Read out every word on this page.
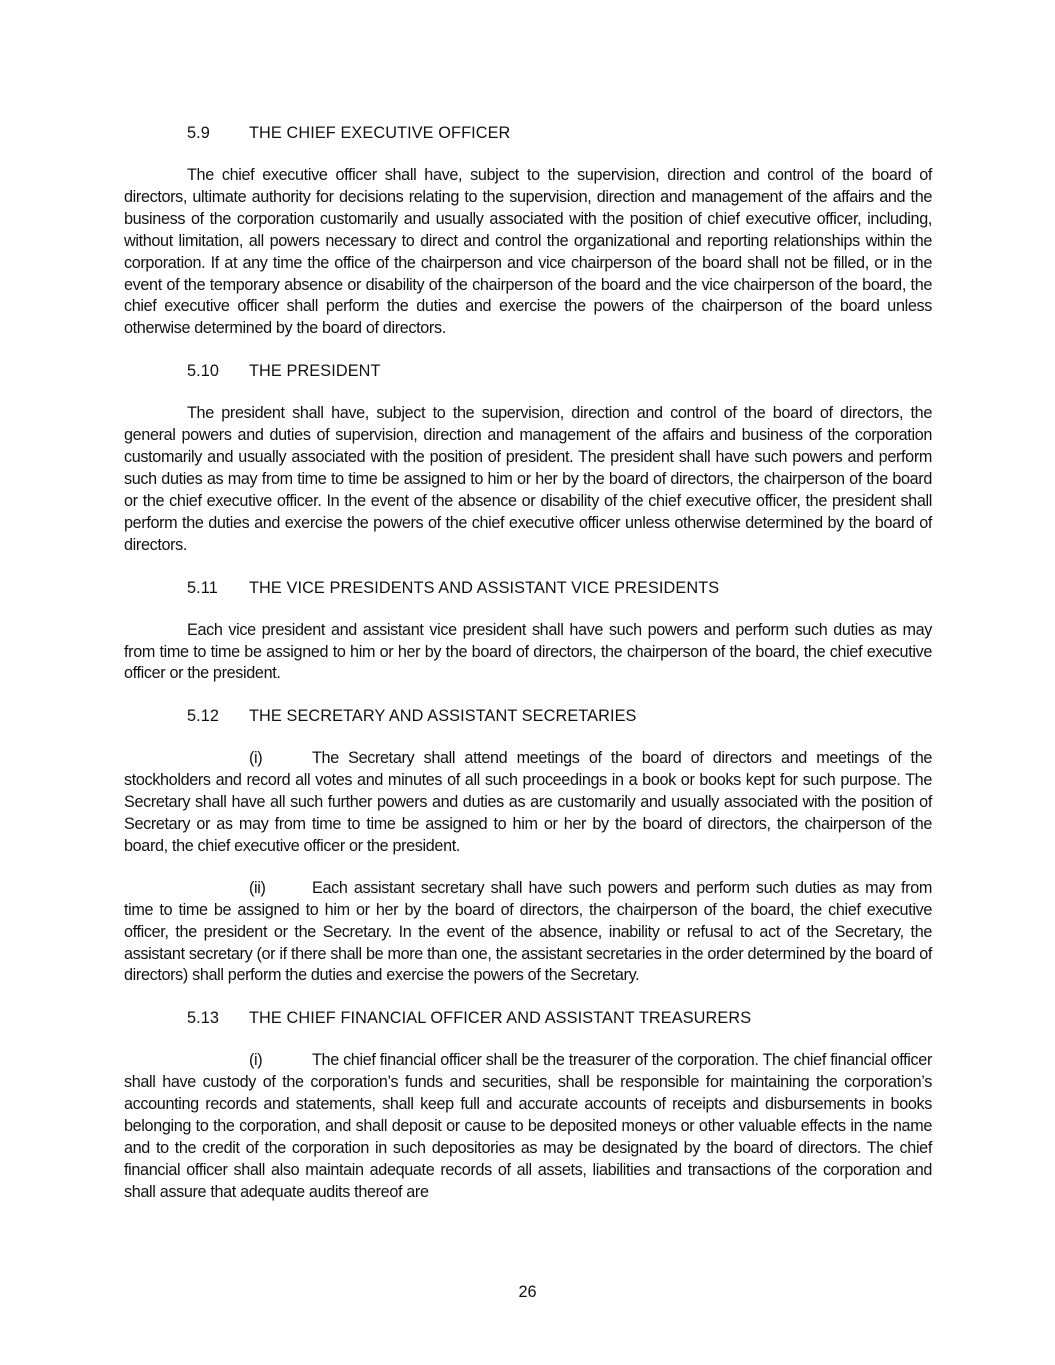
5.9 THE CHIEF EXECUTIVE OFFICER

The chief executive officer shall have, subject to the supervision, direction and control of the board of directors, ultimate authority for decisions relating to the supervision, direction and management of the affairs and the business of the corporation customarily and usually associated with the position of chief executive officer, including, without limitation, all powers necessary to direct and control the organizational and reporting relationships within the corporation. If at any time the office of the chairperson and vice chairperson of the board shall not be filled, or in the event of the temporary absence or disability of the chairperson of the board and the vice chairperson of the board, the chief executive officer shall perform the duties and exercise the powers of the chairperson of the board unless otherwise determined by the board of directors.

5.10 THE PRESIDENT

The president shall have, subject to the supervision, direction and control of the board of directors, the general powers and duties of supervision, direction and management of the affairs and business of the corporation customarily and usually associated with the position of president. The president shall have such powers and perform such duties as may from time to time be assigned to him or her by the board of directors, the chairperson of the board or the chief executive officer. In the event of the absence or disability of the chief executive officer, the president shall perform the duties and exercise the powers of the chief executive officer unless otherwise determined by the board of directors.

5.11 THE VICE PRESIDENTS AND ASSISTANT VICE PRESIDENTS

Each vice president and assistant vice president shall have such powers and perform such duties as may from time to time be assigned to him or her by the board of directors, the chairperson of the board, the chief executive officer or the president.

5.12 THE SECRETARY AND ASSISTANT SECRETARIES

(i)	The Secretary shall attend meetings of the board of directors and meetings of the stockholders and record all votes and minutes of all such proceedings in a book or books kept for such purpose. The Secretary shall have all such further powers and duties as are customarily and usually associated with the position of Secretary or as may from time to time be assigned to him or her by the board of directors, the chairperson of the board, the chief executive officer or the president.

(ii)	Each assistant secretary shall have such powers and perform such duties as may from time to time be assigned to him or her by the board of directors, the chairperson of the board, the chief executive officer, the president or the Secretary. In the event of the absence, inability or refusal to act of the Secretary, the assistant secretary (or if there shall be more than one, the assistant secretaries in the order determined by the board of directors) shall perform the duties and exercise the powers of the Secretary.

5.13 THE CHIEF FINANCIAL OFFICER AND ASSISTANT TREASURERS

(i)	The chief financial officer shall be the treasurer of the corporation. The chief financial officer shall have custody of the corporation’s funds and securities, shall be responsible for maintaining the corporation’s accounting records and statements, shall keep full and accurate accounts of receipts and disbursements in books belonging to the corporation, and shall deposit or cause to be deposited moneys or other valuable effects in the name and to the credit of the corporation in such depositories as may be designated by the board of directors. The chief financial officer shall also maintain adequate records of all assets, liabilities and transactions of the corporation and shall assure that adequate audits thereof are

26
